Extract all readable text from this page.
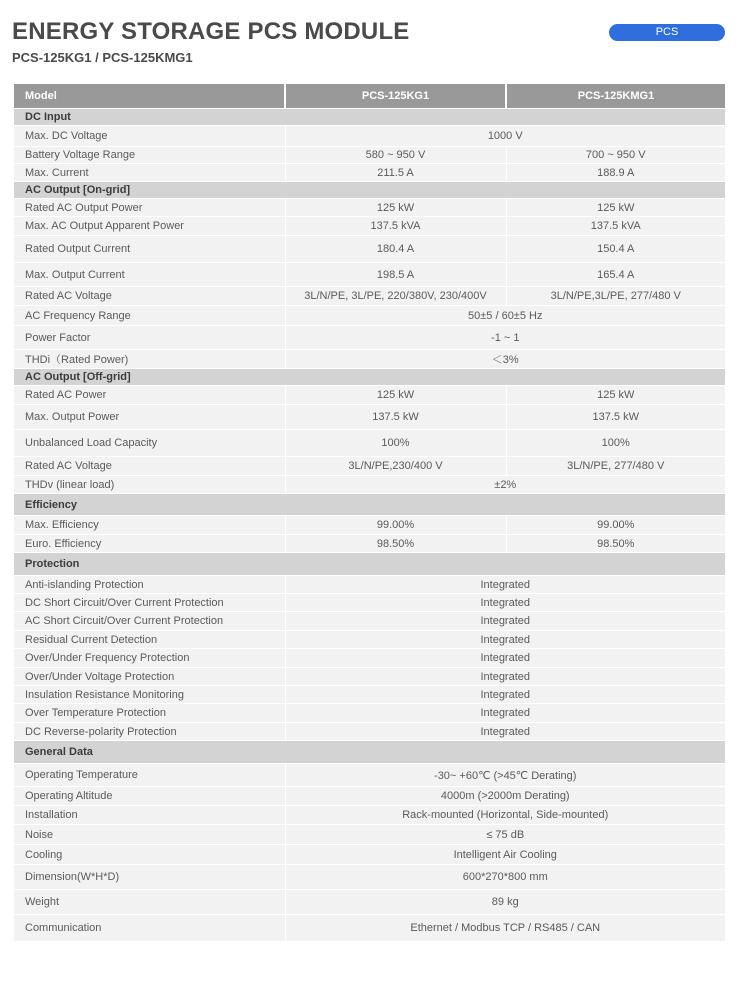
ENERGY STORAGE PCS MODULE
PCS-125KG1 / PCS-125KMG1
PCS
Model	PCS-125KG1	PCS-125KMG1
DC Input		
Max. DC Voltage	1000 V	
Battery Voltage Range	580 ~ 950 V	700 ~ 950 V
Max. Current	211.5 A	188.9 A
AC Output [On-grid]		
Rated AC Output Power	125 kW	125 kW
Max. AC Output Apparent Power	137.5 kVA	137.5 kVA
Rated Output Current	180.4 A	150.4 A
Max. Output Current	198.5 A	165.4 A
Rated AC Voltage	3L/N/PE, 3L/PE, 220/380V, 230/400V	3L/N/PE,3L/PE, 277/480 V
AC Frequency Range	50±5 / 60±5 Hz	
Power Factor	-1 ~ 1	
THDi（Rated Power)	＜3%	
AC Output [Off-grid]		
Rated AC Power	125 kW	125 kW
Max. Output Power	137.5 kW	137.5 kW
Unbalanced Load Capacity	100%	100%
Rated AC Voltage	3L/N/PE,230/400 V	3L/N/PE, 277/480 V
THDv (linear load)	±2%	
Efficiency		
Max. Efficiency	99.00%	99.00%
Euro. Efficiency	98.50%	98.50%
Protection		
Anti-islanding Protection	Integrated	
DC Short Circuit/Over Current Protection	Integrated	
AC Short Circuit/Over Current Protection	Integrated	
Residual Current Detection	Integrated	
Over/Under Frequency Protection	Integrated	
Over/Under Voltage Protection	Integrated	
Insulation Resistance Monitoring	Integrated	
Over Temperature Protection	Integrated	
DC Reverse-polarity Protection	Integrated	
General Data		
Operating Temperature	-30~ +60℃ (>45℃ Derating)	
Operating Altitude	4000m (>2000m Derating)	
Installation	Rack-mounted (Horizontal, Side-mounted)	
Noise	≤ 75 dB	
Cooling	Intelligent Air Cooling	
Dimension(W*H*D)	600*270*800 mm	
Weight	89 kg	
Communication	Ethernet / Modbus TCP / RS485 / CAN	
